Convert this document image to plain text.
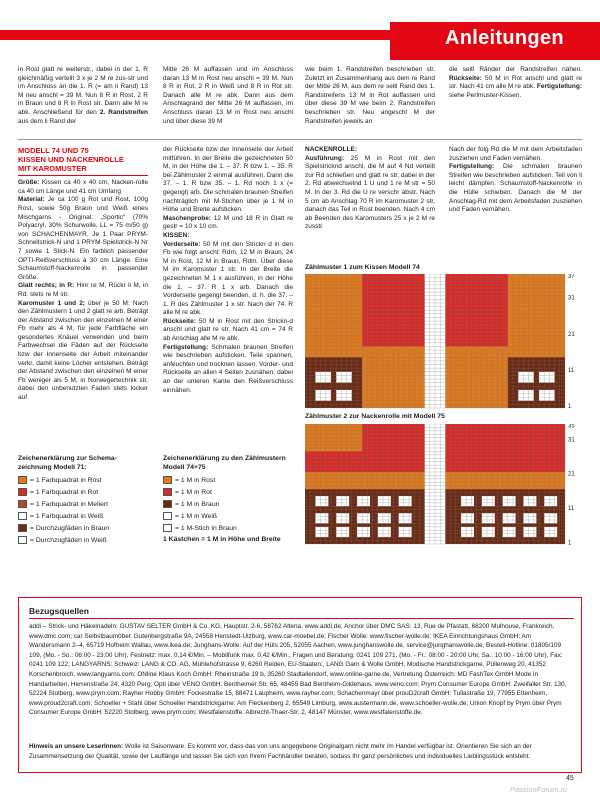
Anleitungen

in Rost glatt re weiterstr., dabei in der 1. R gleichmäßig verteilt 3 x je 2 M re zus-str und im Anschluss an die 1. R (= am li Rand) 13 M neu anschl = 39 M. Nun 8 R in Rost, 2 R in Braun und 8 R in Rost str. Dann alle M re abk. Anschließend für den 2. Randstreifen aus dem li Rand der

Mitte 26 M auffassen und im Anschluss daran 13 M in Rost neu anschl = 39 M. Nun 8 R in Rot, 2 R in Weiß und 8 R in Rot str. Danach alle M re abk. Dann aus dem Anschlagrand der Mitte 26 M auffassen, im Anschluss daran 13 M in Rost neu anschl und über diese 39 M

wie beim 1. Randstreifen beschrieben str. Zuletzt im Zusammenhang aus dem re Rand der Mitte 26 M, aus dem re seitl Rand des 1. Randstreifens 13 M in Rot auffassen und über diese 39 M wie beim 2. Randstreifen beschrieben str. Neu angeschl M der Randstreifen jeweils an

die seitl Ränder der Randstreifen nähen. Rückseite: 50 M in Rot anschl und glatt re str. Nach 41 cm alle M re abk. Fertigstellung: siehe Perlmuster-Kissen.

MODELL 74 UND 75
KISSEN UND NACKENROLLE
MIT KAROMUSTER

Größe: Kissen ca 40 x 40 cm, Nacken-rolle ca 40 cm Länge und 41 cm Umfang

Material: Je ca 100 g Rot und Rost, 100g Rost, sowie 50g Braun und Weiß eines Mischgarns - Original: „Sportic“ (70% Polyacryl, 30% Schurwolle, LL = 75 m/50 g) von SCHACHENMAYR. Je 1 Paar PRYM-Schnellstrick-N und 1 PRYM-Spielstrick-N Nr 7 sowie 1 Stick-N. Ein farblich passender OPTI-Reißverschluss à 30 cm Länge. Eine Schaumstoff-Nackenrolle in passender Größe.

Glatt rechts; in R: Hinr re M, Rückr li M, in Rd: stets re M str.

Karomuster 1 und 2; über je 50 M: Nach den Zählmustern 1 und 2 glatt re arb. Beträgt der Abstand zwischen den einzelnen M einer Fb mehr als 4 M, für jede Farbfläche ein gesondertes Knäuel verwenden und beim Farbwechsel die Fäden auf der Rückseite bzw der Innenseite der Arbeit miteinander verkr, damit keine Löcher entstehen. Beträgt der Abstand zwischen den einzelnen M einer Fb weniger als 5 M, in Norwegertechnik str, dabei den unbenutzten Faden stets locker auf

der Rückseite bzw der Innenseite der Arbeit mitführen. In der Breite die gezeichneten 50 M, in der Höhe die 1. – 37. R bzw 1. – 35. R bei Zählmuster 2 einmal ausführen. Dann die 37. – 1. R bzw 35. – 1. Rd noch 1 x (= gegengl) arb. Die schmalen braunen Streifen nachträglich mit M-Stichen über je 1 M in Höhe und Breite aufsticken.

Maschenprobe: 12 M und 18 R in Glatt re gestr = 10 x 10 cm.

KISSEN:

Vorderseite: 50 M mit den Strickn d in den Fb wie folgt anschl: Rdm, 12 M in Braun, 24 M in Rost, 12 M in Braun, Rdm. Über diese M im Karomuster 1 str. In der Breite die gezeichneten M 1 x ausführen, in der Höhe die 1. – 37. R 1 x arb. Danach die Vorderseite gegengl beenden, d. h. die 37. – 1. R des Zählmuster 1 x str. Nach der 74. R alle M re abk.

Rückseite: 50 M in Rost mit den Strickn-d anschl und glatt re str. Nach 41 cm = 74 R ab Anschlag alle M re abk.

Fertigstellung: Schmalen braunen Streifen wie beschrieben aufsticken. Teile spannen, anfeuchten und trocknen lassen. Vorder- und Rückseite an allen 4 Seiten zusnähen, dabei an der unteren Kante den Reißverschluss einnähen.

NACKENROLLE:

Ausführung: 25 M in Rost mit den Spielstricknd anschl, die M auf 4 Nd verteilt zur Rd schließen und glatt re str, dabei in der 2. Rd abwechselnd 1 U und 1 re M str = 50 M. In der 3. Rd die U re verschr abstr. Nach 5 cm ab Anschlag 70 R im Karomuster 2 str, danach das Teil in Rost beenden. Nach 4 cm ab Beenden des Karomusters 25 x je 2 M re zusstr.

Nach der folg Rd die M mit dem Arbeitsfaden zusziehen und Faden vernähen.

Fertigstellung: Die schmalen braunen Streifen wie beschrieben aufsticken. Teil von li leicht dämpfen. Schaumstoff-Nackenrolle in die Hülle schieben. Danach die M der Anschlag-Rd mit dem Arbeitsfaden zusziehen und Faden vernähen.

Zählmuster 1 zum Kissen Modell 74
37
31
21
11
1
Zählmuster 2 zur Nackenrolle mit Modell 75
35
31
21
11
1
Zeichenerklärung zur Schema-
zeichnung Modell 71:
= 1 Farbquadrat in Rost
= 1 Farbquadrat in Rot
= 1 Farbquadrat in Meliert
= 1 Farbquadrat in Weiß
= Durchzugfäden in Braun
= Durchzugfäden in Weiß
Zeichenerklärung zu den Zählmustern
Modell 74+75
= 1 M in Rost
= 1 M in Rot
= 1 M in Braun
= 1 M in Weiß
= 1 M-Stich in Braun
1 Kästchen = 1 M in Höhe und Breite
Bezugsquellen
addi – Strick- und Häkelnadeln: GUSTAV SELTER GmbH & Co. KG, Hauptstr. 2-6, 58762 Altena, www.addi.de; Anchor über DMC SAS: 13, Rue de Pfastatt, 68200 Mulhouse, Frankreich, www.dmc.com; car Selbstbaumöbel: Gutenbergstraße 9A, 24558 Henstedt-Ulzburg, www.car-moebel.de; Fischer Wolle: www.fischer-wolle.de; IKEA Einrichtungshaus GmbH: Am Wandersmann 2–4, 65719 Hofheim Wallau, www.ikea.de; Junghans-Wolle: Auf der Hüls 205, 52055 Aachen, www.junghanswolle.de, service@junghanswolle.de, Bestell-Hotline: 01805/109 109, (Mo. - So.: 06:00 - 23:00 Uhr), Festnetz: max. 0,14 €/Min. – Mobilfunk max. 0,42 €/Min., Fragen und Beratung: 0241 109 271, (Mo. - Fr.: 08:00 - 20:00 Uhr, Sa.: 10:00 - 16:00 Uhr), Fax: 0241 109 122; LANGYARNS: Schweiz: LANG & CO. AG, Mühlehofstrasse 9, 6260 Reiden, EU-Staaten:, LANG Garn & Wolle GmbH, Modische Handstrickgarne, Püllenweg 20, 41352 Korschenbroich, www.langyarns.com; ONline Klaus Koch GmbH: Rheinstraße 19 b, 35260 Stadtallendorf, www.online-garne.de, Vertretung Österreich: MD FashTex GmbH Mode in Handarbeiten, Herrenstraße 24, 4320 Perg; Opti über VENO GmbH: Bentheimer Str. 65, 48455 Bad Bentheim-Gildehaus, www.veno.com; Prym Consumer Europe GmbH: Zweifaller Str. 130, 52224 Stolberg, www.prym.com; Rayher Hobby GmbH: Fockestraße 15, 88471 Laupheim, www.rayher.com; Schachenmayr über prouD2craft GmbH: Tullastraße 19, 77955 Ettenheim, www.proud2craft.com; Schoeller + Stahl über Schoeller Handstrickgarne: Am Fleckenberg 2, 65549 Limburg, www.austermann.de, www.schoeller-wolle.de; Union Knopf by Prym über Prym Consumer Europe GmbH: 52220 Stolberg, www.prym.com; Westfalenstoffe: Albrecht-Thaer-Str. 2, 48147 Münster, www.westfalenstoffe.de.
Hinweis an unsere LeserInnen: Wolle ist Saisonware. Es kommt vor, dass das von uns angegebene Originalgarn nicht mehr im Handel verfügbar ist. Orientieren Sie sich an der Zusammensetzung der Qualität, sowie der Lauflänge und lassen Sie sich von Ihrem Fachhändler beraten, sodass Ihr ganz persönliches und individuelles Lieblingsstück entsteht.
45
PassionForum.ru
